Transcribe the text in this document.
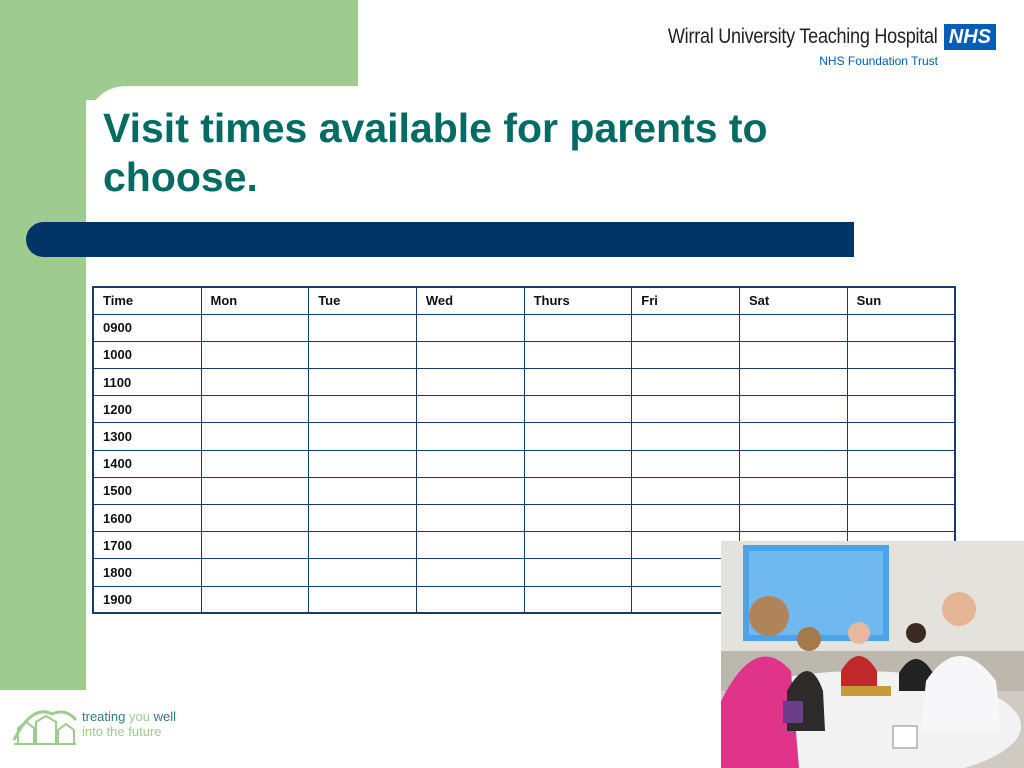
Wirral University Teaching Hospital NHS
NHS Foundation Trust
Visit times available for parents to choose.
Time	Mon	Tue	Wed	Thurs	Fri	Sat	Sun
0900							
1000							
1100							
1200							
1300							
1400							
1500							
1600							
1700							
1800							
1900							
treating you well
into the future
